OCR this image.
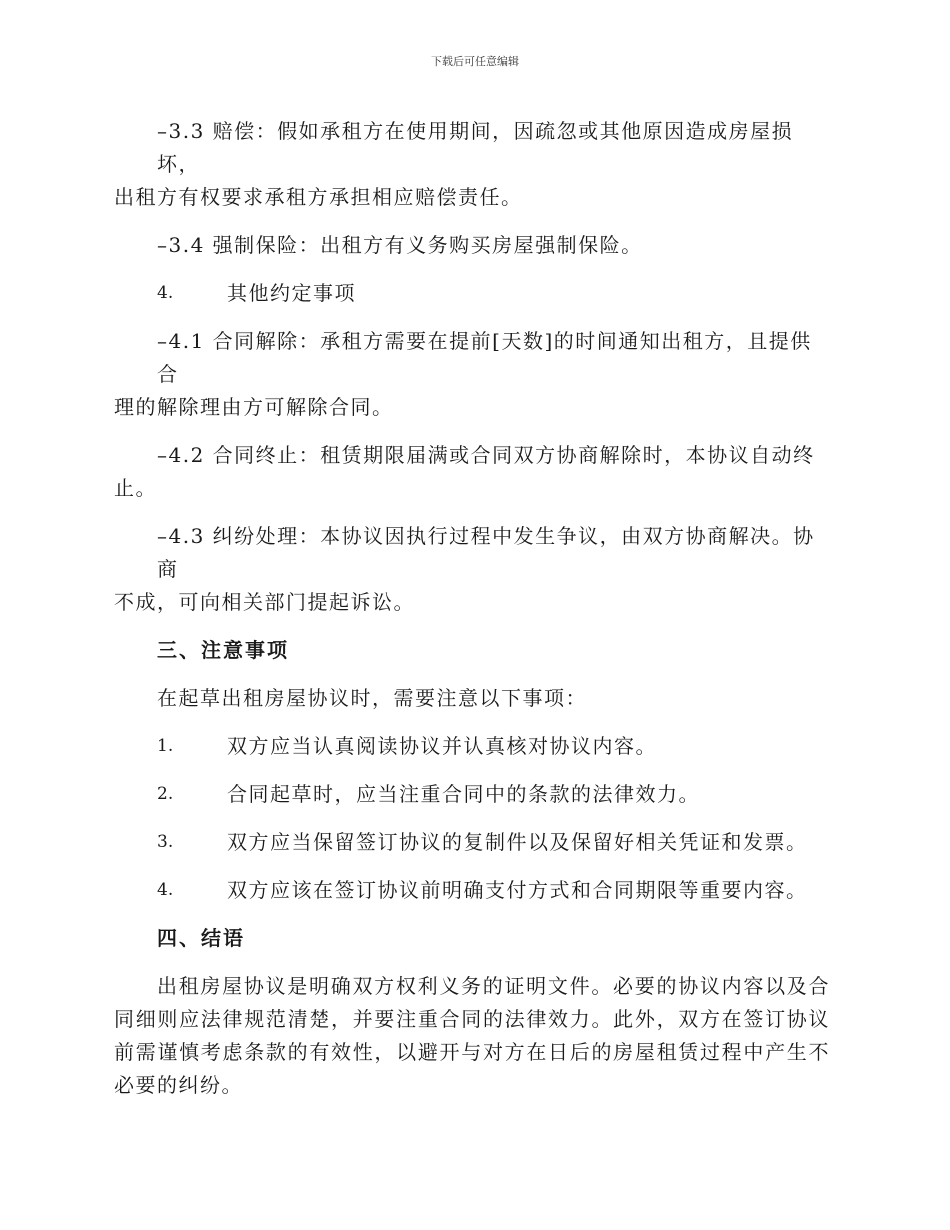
下载后可任意编辑
–3.3 赔偿：假如承租方在使用期间，因疏忽或其他原因造成房屋损坏，
出租方有权要求承租方承担相应赔偿责任。
–3.4 强制保险：出租方有义务购买房屋强制保险。
4.	其他约定事项
–4.1 合同解除：承租方需要在提前[天数]的时间通知出租方，且提供合
理的解除理由方可解除合同。
–4.2 合同终止：租赁期限届满或合同双方协商解除时，本协议自动终
止。
–4.3 纠纷处理：本协议因执行过程中发生争议，由双方协商解决。协商
不成，可向相关部门提起诉讼。
三、注意事项
在起草出租房屋协议时，需要注意以下事项：
1.	双方应当认真阅读协议并认真核对协议内容。
2.	合同起草时，应当注重合同中的条款的法律效力。
3.	双方应当保留签订协议的复制件以及保留好相关凭证和发票。
4.	双方应该在签订协议前明确支付方式和合同期限等重要内容。
四、结语
出租房屋协议是明确双方权利义务的证明文件。必要的协议内容以及合同细则应法律规范清楚，并要注重合同的法律效力。此外，双方在签订协议前需谨慎考虑条款的有效性，以避开与对方在日后的房屋租赁过程中产生不必要的纠纷。
